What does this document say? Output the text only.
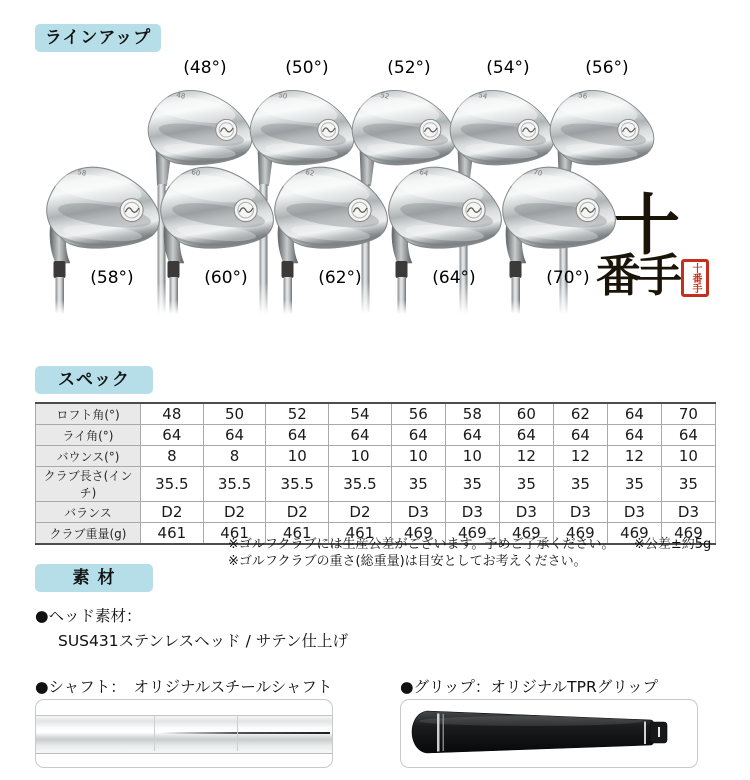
ラインアップ
48
(48°)
50
(50°)
52
(52°)
54
(54°)
56
(56°)
58
(58°)
60
(60°)
62
(62°)
64
(64°)
70
(70°)
十
番手 十番手
スペック
ロフト角(°)	48	50	52	54	56	58	60	62	64	70
ライ角(°)	64	64	64	64	64	64	64	64	64	64
バウンス(°)	8	8	10	10	10	10	12	12	12	10
クラブ長さ(インチ)	35.5	35.5	35.5	35.5	35	35	35	35	35	35
バランス	D2	D2	D2	D2	D3	D3	D3	D3	D3	D3
クラブ重量(g)	461	461	461	461	469	469	469	469	469	469
※ゴルフクラブには生産公差がございます。予めご了承ください。　　※公差±約5g
※ゴルフクラブの重さ(総重量)は目安としてお考えください。
素 材
●ヘッド素材：
SUS431ステンレスヘッド / サテン仕上げ
●シャフト：　オリジナルスチールシャフト	●グリップ：オリジナルTPRグリップ
